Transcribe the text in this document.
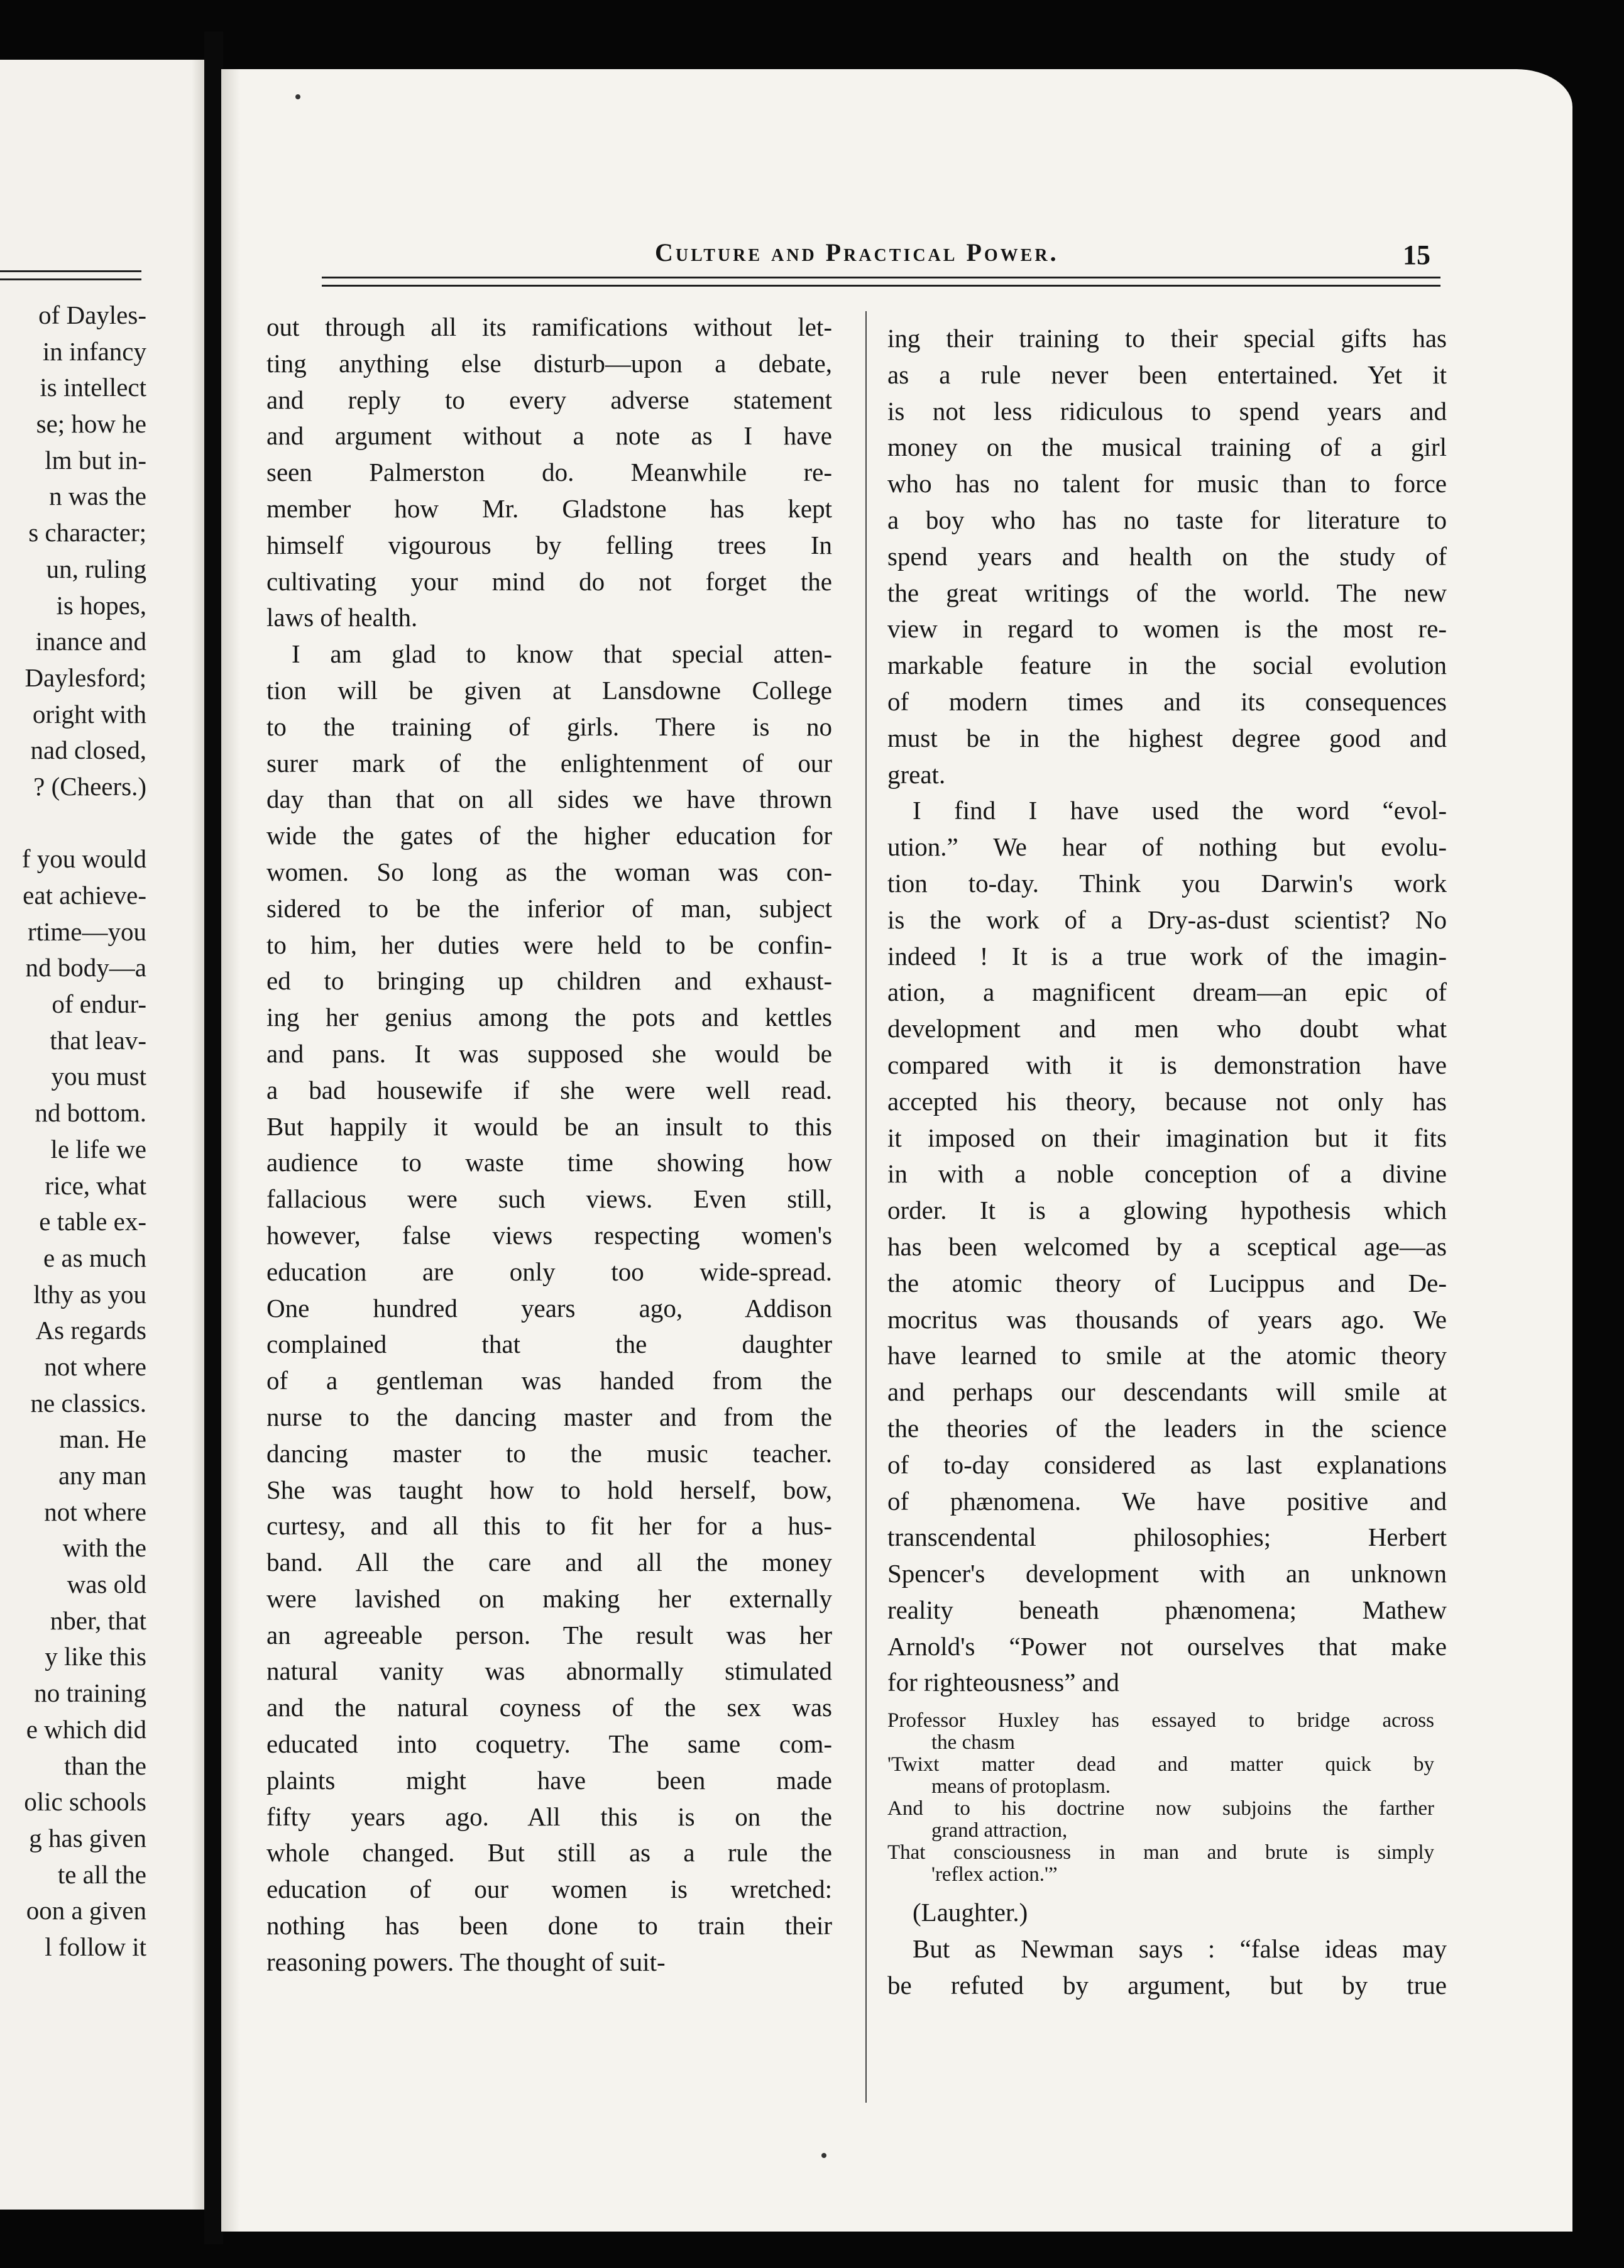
of Dayles-
in infancy
is intellect
se; how he
lm but in-
n was the
s character;
un, ruling
is hopes,
inance and
Daylesford;
oright with
nad closed,
? (Cheers.)
f you would
eat achieve-
rtime—you
nd body—a
of endur-
that leav-
you must
nd bottom.
le life we
rice, what
e table ex-
e as much
lthy as you
As regards
not where
ne classics.
man. He
any man
not where
with the
was old
nber, that
y like this
no training
e which did
than the
olic schools
g has given
te all the
oon a given
l follow it
Culture and Practical Power.	15
out through all its ramifications without let-
ting anything else disturb—upon a debate,
and reply to every adverse statement
and argument without a note as I have
seen Palmerston do. Meanwhile re-
member how Mr. Gladstone has kept
himself vigourous by felling trees In
cultivating your mind do not forget the
laws of health.
I am glad to know that special atten-
tion will be given at Lansdowne College
to the training of girls. There is no
surer mark of the enlightenment of our
day than that on all sides we have thrown
wide the gates of the higher education for
women. So long as the woman was con-
sidered to be the inferior of man, subject
to him, her duties were held to be confin-
ed to bringing up children and exhaust-
ing her genius among the pots and kettles
and pans. It was supposed she would be
a bad housewife if she were well read.
But happily it would be an insult to this
audience to waste time showing how
fallacious were such views. Even still,
however, false views respecting women's
education are only too wide-spread.
One hundred years ago, Addison
complained that the daughter
of a gentleman was handed from the
nurse to the dancing master and from the
dancing master to the music teacher.
She was taught how to hold herself, bow,
curtesy, and all this to fit her for a hus-
band. All the care and all the money
were lavished on making her externally
an agreeable person. The result was her
natural vanity was abnormally stimulated
and the natural coyness of the sex was
educated into coquetry. The same com-
plaints might have been made
fifty years ago. All this is on the
whole changed. But still as a rule the
education of our women is wretched:
nothing has been done to train their
reasoning powers. The thought of suit-
ing their training to their special gifts has
as a rule never been entertained. Yet it
is not less ridiculous to spend years and
money on the musical training of a girl
who has no talent for music than to force
a boy who has no taste for literature to
spend years and health on the study of
the great writings of the world. The new
view in regard to women is the most re-
markable feature in the social evolution
of modern times and its consequences
must be in the highest degree good and
great.
I find I have used the word “evol-
ution.” We hear of nothing but evolu-
tion to-day. Think you Darwin's work
is the work of a Dry-as-dust scientist? No
indeed ! It is a true work of the imagin-
ation, a magnificent dream—an epic of
development and men who doubt what
compared with it is demonstration have
accepted his theory, because not only has
it imposed on their imagination but it fits
in with a noble conception of a divine
order. It is a glowing hypothesis which
has been welcomed by a sceptical age—as
the atomic theory of Lucippus and De-
mocritus was thousands of years ago. We
have learned to smile at the atomic theory
and perhaps our descendants will smile at
the theories of the leaders in the science
of to-day considered as last explanations
of phænomena. We have positive and
transcendental philosophies; Herbert
Spencer's development with an unknown
reality beneath phænomena; Mathew
Arnold's “Power not ourselves that make
for righteousness” and
Professor Huxley has essayed to bridge across
the chasm
'Twixt matter dead and matter quick by
means of protoplasm.
And to his doctrine now subjoins the farther
grand attraction,
That consciousness in man and brute is simply
'reflex action.'”
(Laughter.)
But as Newman says : “false ideas may
be refuted by argument, but by true
